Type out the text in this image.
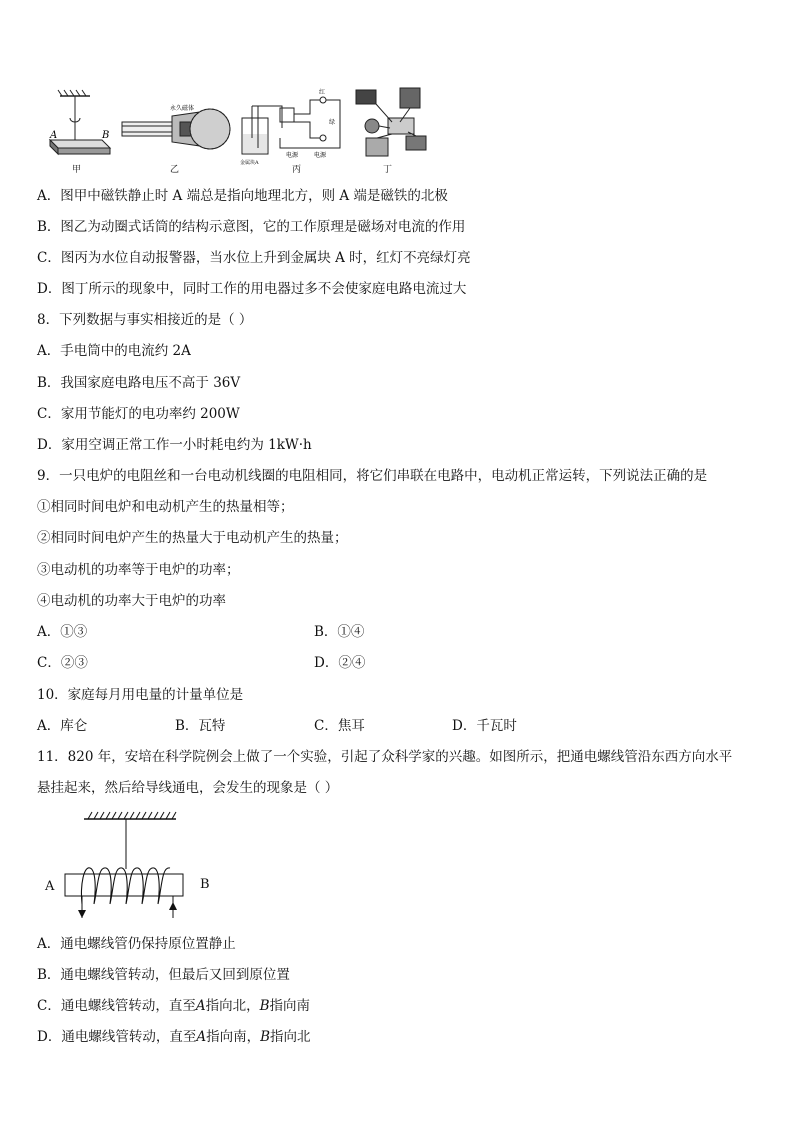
A	B
永久磁体
红
绿
电源	电源
金属块A
甲	乙	丙	丁
A．图甲中磁铁静止时 A 端总是指向地理北方，则 A 端是磁铁的北极
B．图乙为动圈式话筒的结构示意图，它的工作原理是磁场对电流的作用
C．图丙为水位自动报警器，当水位上升到金属块 A 时，红灯不亮绿灯亮
D．图丁所示的现象中，同时工作的用电器过多不会使家庭电路电流过大
8．下列数据与事实相接近的是（ ）
A．手电筒中的电流约 2A
B．我国家庭电路电压不高于 36V
C．家用节能灯的电功率约 200W
D．家用空调正常工作一小时耗电约为 1kW·h
9．一只电炉的电阻丝和一台电动机线圈的电阻相同，将它们串联在电路中，电动机正常运转，下列说法正确的是
①相同时间电炉和电动机产生的热量相等；
②相同时间电炉产生的热量大于电动机产生的热量；
③电动机的功率等于电炉的功率；
④电动机的功率大于电炉的功率
A．①③	B．①④
C．②③	D．②④
10．家庭每月用电量的计量单位是
A．库仑	B．瓦特	C．焦耳	D．千瓦时
11．820 年，安培在科学院例会上做了一个实验，引起了众科学家的兴趣。如图所示，把通电螺线管沿东西方向水平
悬挂起来，然后给导线通电，会发生的现象是（ ）
A	B
A．通电螺线管仍保持原位置静止
B．通电螺线管转动，但最后又回到原位置
C．通电螺线管转动，直至A指向北，B指向南
D．通电螺线管转动，直至A指向南，B指向北
